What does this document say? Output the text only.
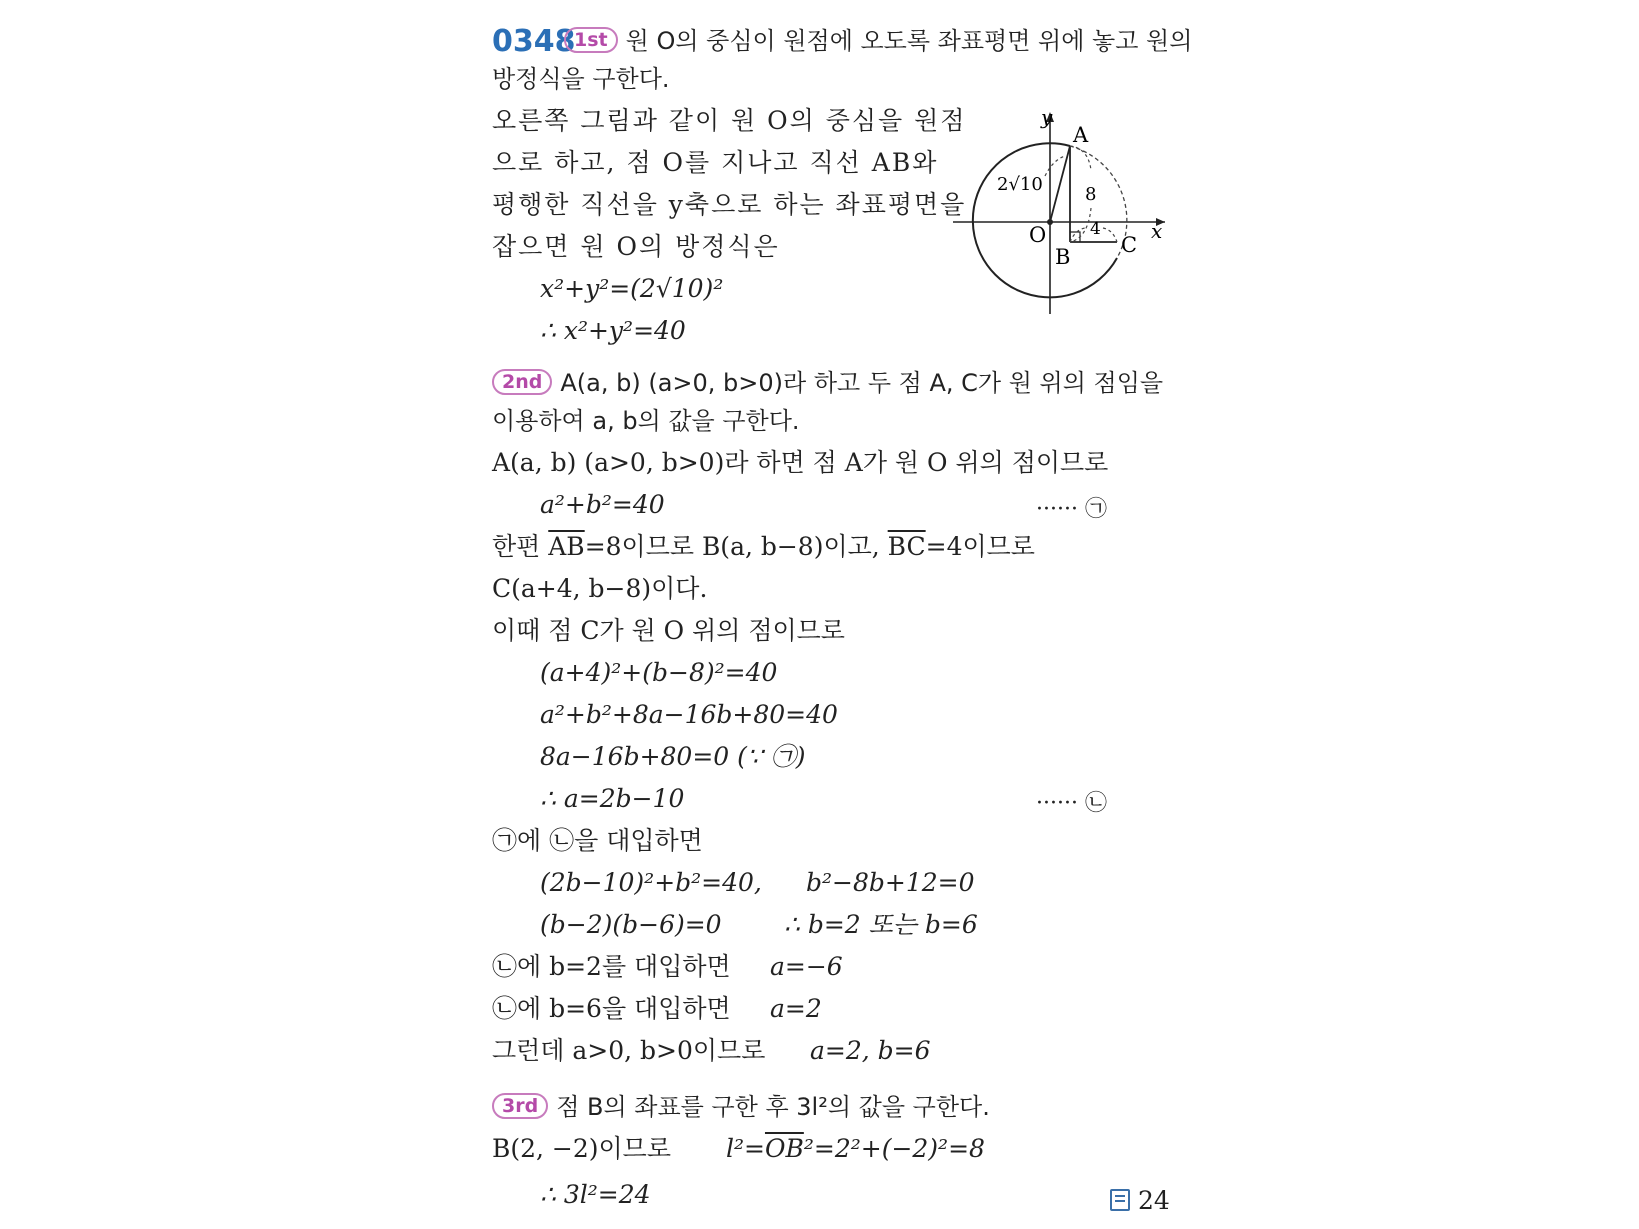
0348
1st 원 O의 중심이 원점에 오도록 좌표평면 위에 놓고 원의
방정식을 구한다.
오른쪽 그림과 같이 원 O의 중심을 원점
으로 하고, 점 O를 지나고 직선 AB와
평행한 직선을 y축으로 하는 좌표평면을
잡으면 원 O의 방정식은
x²+y²=(2√10)²
∴ x²+y²=40
y
A
2√10 8
O
B
4
C
x
2nd A(a, b) (a>0, b>0)라 하고 두 점 A, C가 원 위의 점임을
이용하여 a, b의 값을 구한다.
A(a, b) (a>0, b>0)라 하면 점 A가 원 O 위의 점이므로
a²+b²=40	······ ㉠
한편 $\overline{AB}=8$이므로 B(a, b−8)이고, $\overline{BC}=4$이므로
C(a+4, b−8)이다.
이때 점 C가 원 O 위의 점이므로
(a+4)²+(b−8)²=40
a²+b²+8a−16b+80=40
8a−16b+80=0 (∵ ㉠)
∴ a=2b−10	······ ㉡
㉠에 ㉡을 대입하면
(2b−10)²+b²=40, b²−8b+12=0
(b−2)(b−6)=0 ∴ b=2 또는 b=6
㉡에 b=2를 대입하면 a=−6
㉡에 b=6을 대입하면 a=2
그런데 a>0, b>0이므로 a=2, b=6
3rd 점 B의 좌표를 구한 후 3l²의 값을 구한다.
B(2, −2)이므로 $l^2=\overline{OB}^2=2^2+(-2)^2=8$
∴ 3l²=24	24
